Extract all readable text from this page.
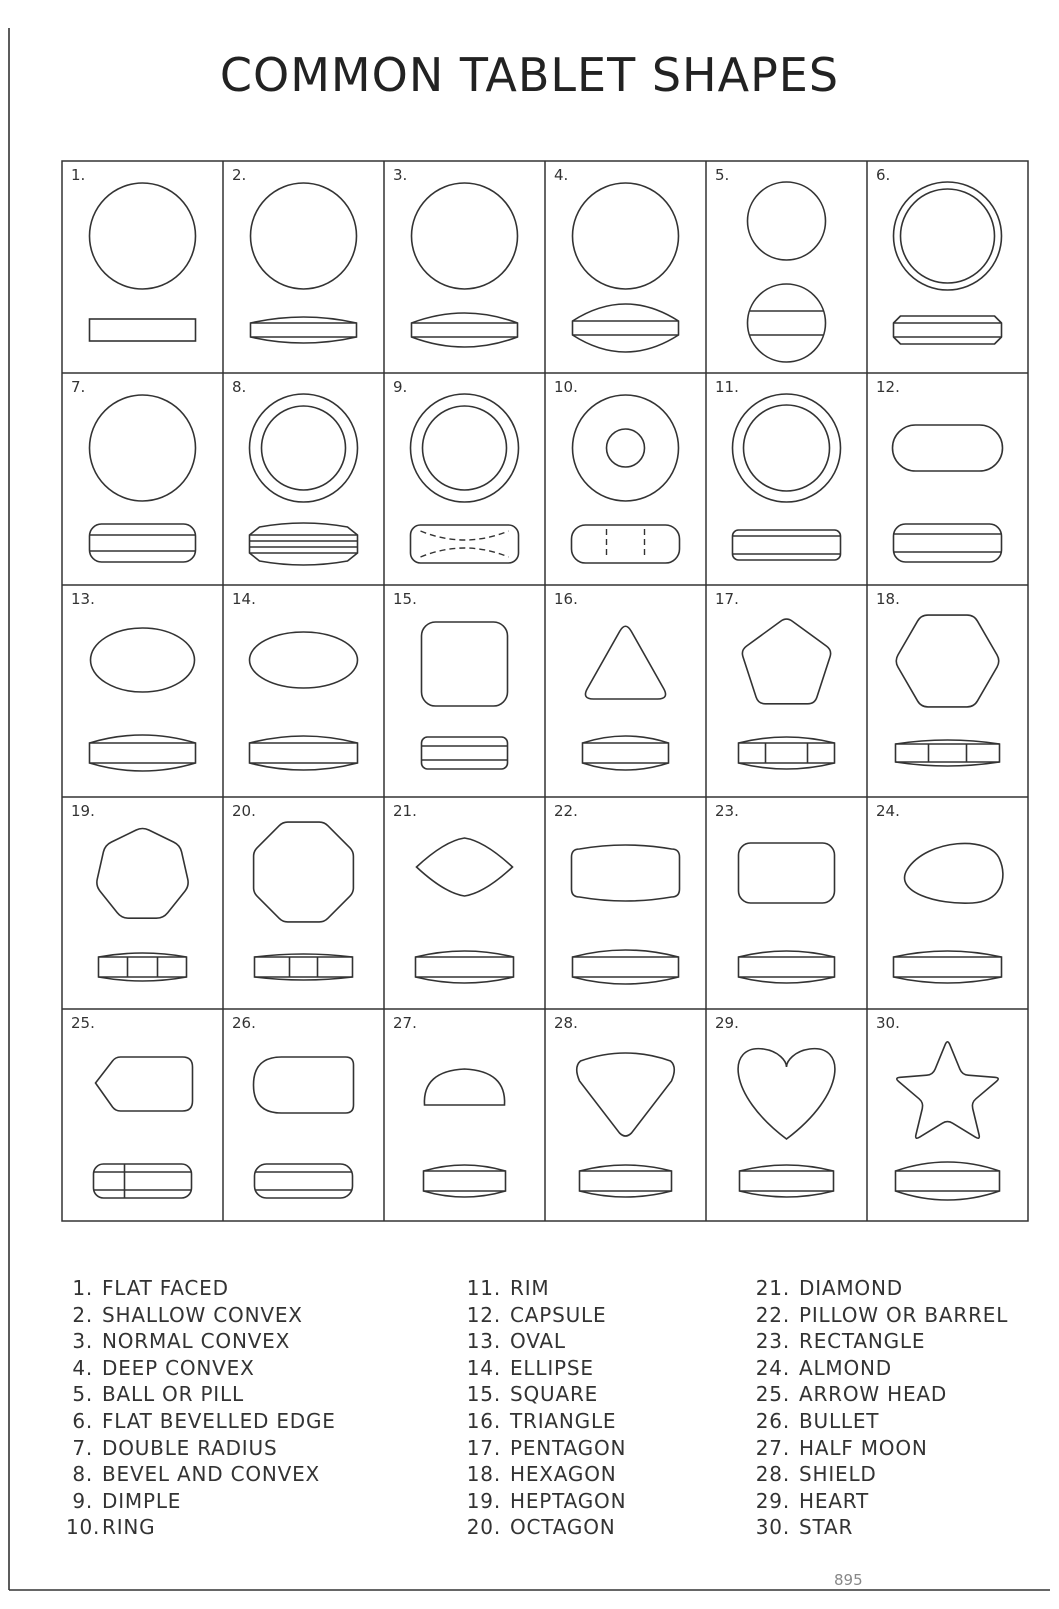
COMMON TABLET SHAPES
1.	2.	3.	4.	5.	6.
7.	8.	9.	10.	11.	12.
13.	14.	15.	16.	17.	18.
19.	20.	21.	22.	23.	24.
25.	26.	27.	28.	29.	30.
1. FLAT FACED
2. SHALLOW CONVEX
3. NORMAL CONVEX
4. DEEP CONVEX
5. BALL OR PILL
6. FLAT BEVELLED EDGE
7. DOUBLE RADIUS
8. BEVEL AND CONVEX
9. DIMPLE
10.RING
11. RIM
12. CAPSULE
13. OVAL
14. ELLIPSE
15. SQUARE
16. TRIANGLE
17. PENTAGON
18. HEXAGON
19. HEPTAGON
20. OCTAGON
21. DIAMOND
22. PILLOW OR BARREL
23. RECTANGLE
24. ALMOND
25. ARROW HEAD
26. BULLET
27. HALF MOON
28. SHIELD
29. HEART
30. STAR
895
